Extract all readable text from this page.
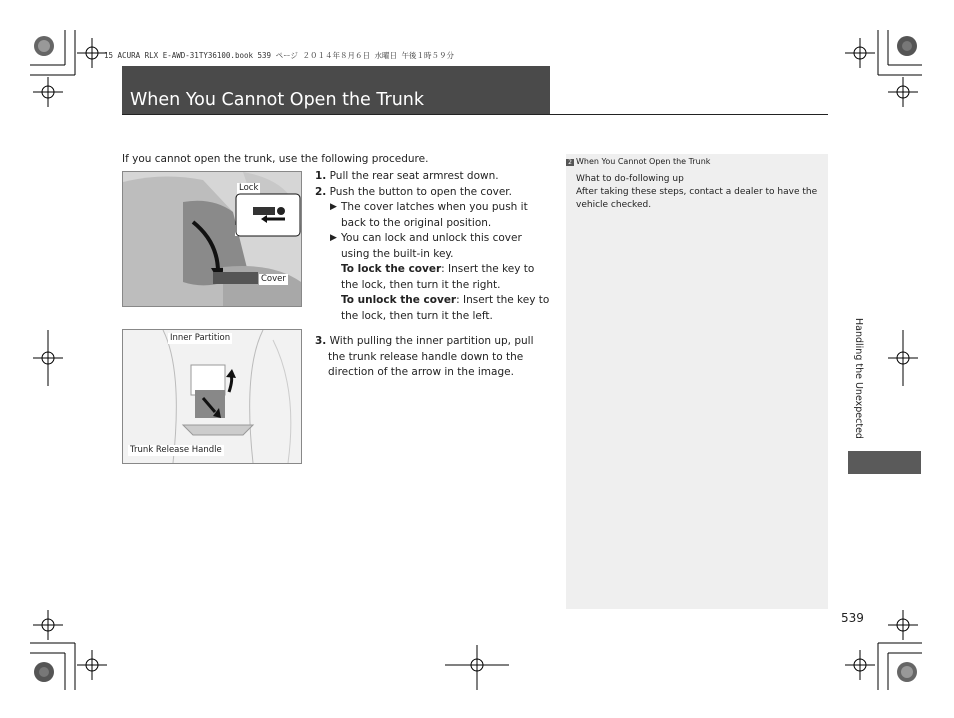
15 ACURA RLX E-AWD-31TY36100.book 539 ページ ２０１４年８月６日 水曜日 午後１時５９分
When You Cannot Open the Trunk
If you cannot open the trunk, use the following procedure.
Lock
Cover
Inner Partition
Trunk Release Handle
1. Pull the rear seat armrest down.
2. Push the button to open the cover.
▶ The cover latches when you push it back to the original position.
▶ You can lock and unlock this cover using the built-in key.
To lock the cover: Insert the key to the lock, then turn it the right.
To unlock the cover: Insert the key to the lock, then turn it the left.
3. With pulling the inner partition up, pull the trunk release handle down to the direction of the arrow in the image.
2 When You Cannot Open the Trunk
What to do-following up
After taking these steps, contact a dealer to have the vehicle checked.
Handling the Unexpected
539
